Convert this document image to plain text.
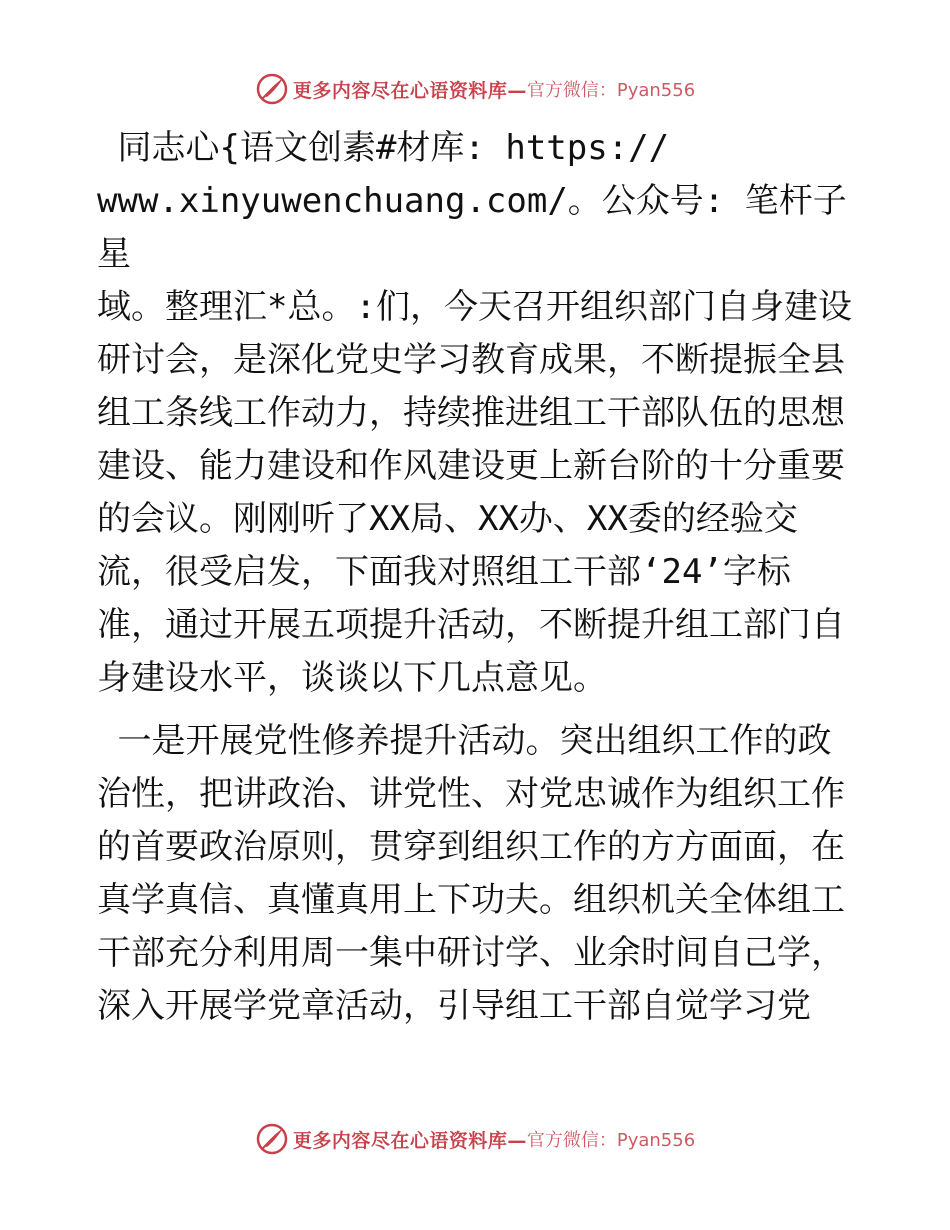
更多内容尽在心语资料库— 官方微信：Pyan556

同志心{语文创素#材库: https://
www.xinyuwenchuang.com/。公众号: 笔杆子星
域。整理汇*总。:们，今天召开组织部门自身建设
研讨会，是深化党史学习教育成果，不断提振全县
组工条线工作动力，持续推进组工干部队伍的思想
建设、能力建设和作风建设更上新台阶的十分重要
的会议。刚刚听了XX局、XX办、XX委的经验交
流，很受启发，下面我对照组工干部‘24’字标
准，通过开展五项提升活动，不断提升组工部门自
身建设水平，谈谈以下几点意见。

一是开展党性修养提升活动。突出组织工作的政
治性，把讲政治、讲党性、对党忠诚作为组织工作
的首要政治原则，贯穿到组织工作的方方面面，在
真学真信、真懂真用上下功夫。组织机关全体组工
干部充分利用周一集中研讨学、业余时间自己学，
深入开展学党章活动，引导组工干部自觉学习党

更多内容尽在心语资料库— 官方微信：Pyan556
